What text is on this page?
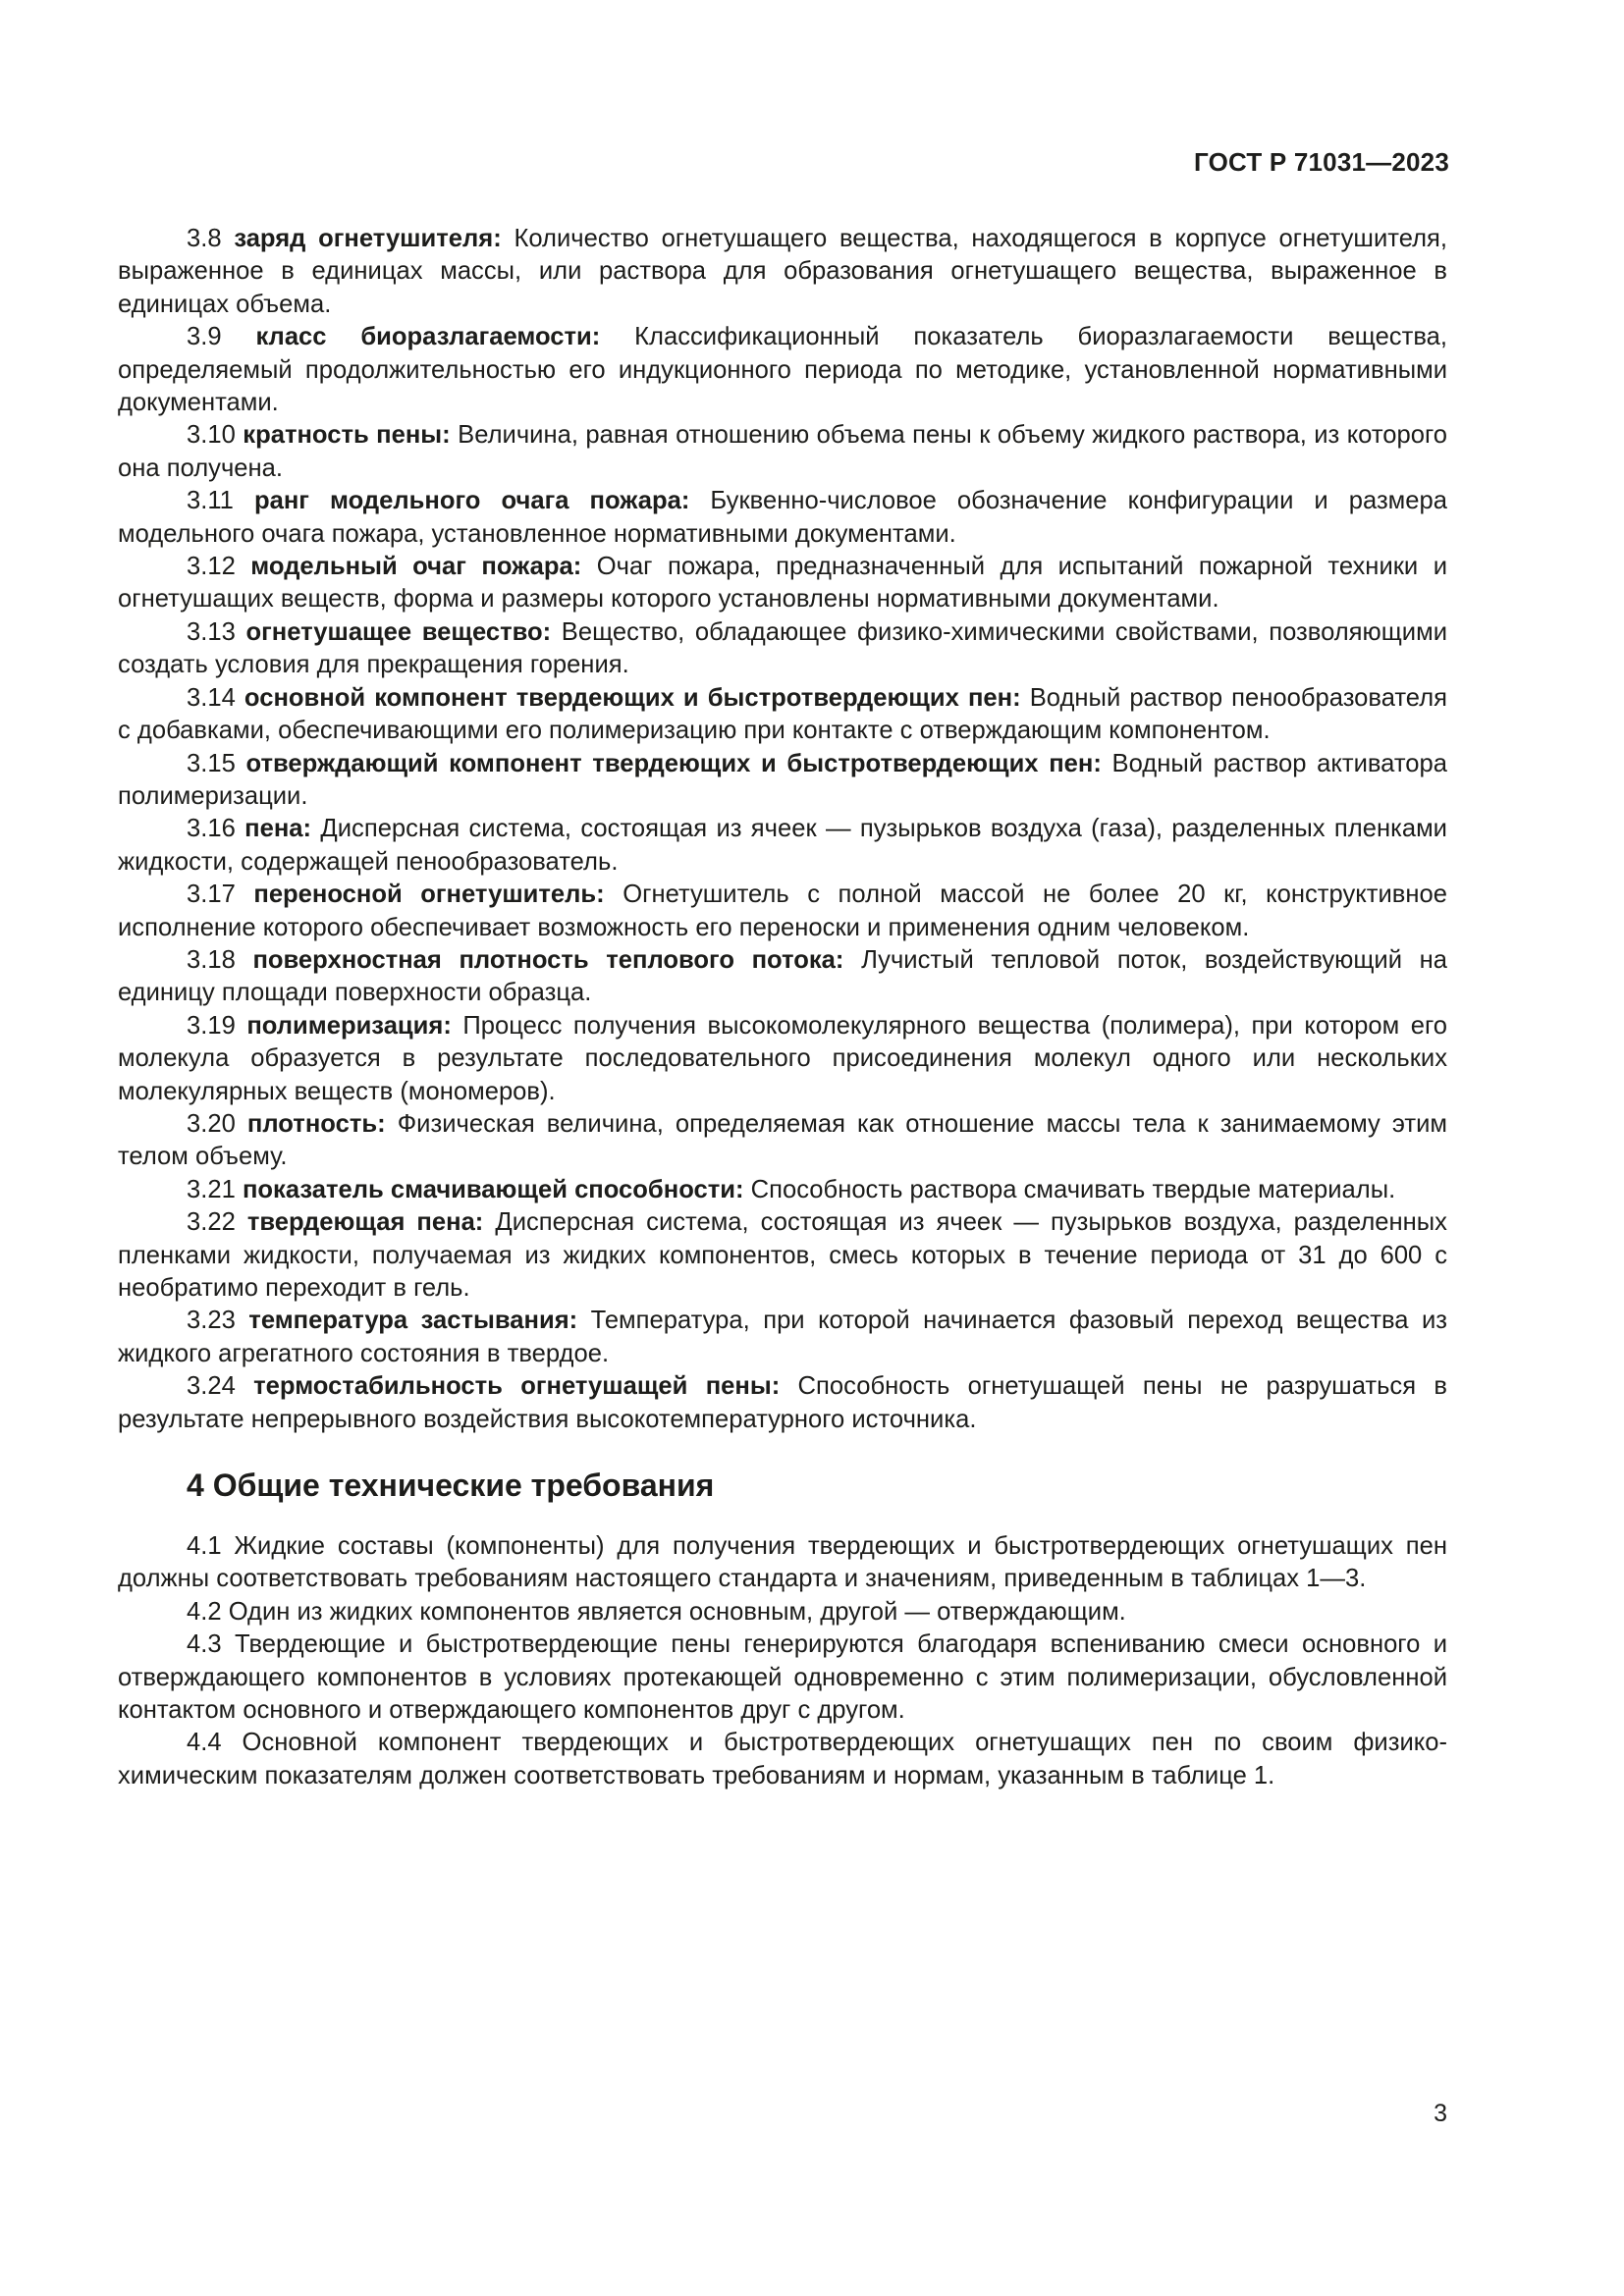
ГОСТ Р 71031—2023

3.8 заряд огнетушителя: Количество огнетушащего вещества, находящегося в корпусе огнетушителя, выраженное в единицах массы, или раствора для образования огнетушащего вещества, выраженное в единицах объема.

3.9 класс биоразлагаемости: Классификационный показатель биоразлагаемости вещества, определяемый продолжительностью его индукционного периода по методике, установленной нормативными документами.

3.10 кратность пены: Величина, равная отношению объема пены к объему жидкого раствора, из которого она получена.

3.11 ранг модельного очага пожара: Буквенно-числовое обозначение конфигурации и размера модельного очага пожара, установленное нормативными документами.

3.12 модельный очаг пожара: Очаг пожара, предназначенный для испытаний пожарной техники и огнетушащих веществ, форма и размеры которого установлены нормативными документами.

3.13 огнетушащее вещество: Вещество, обладающее физико-химическими свойствами, позволяющими создать условия для прекращения горения.

3.14 основной компонент твердеющих и быстротвердеющих пен: Водный раствор пенообразователя с добавками, обеспечивающими его полимеризацию при контакте с отверждающим компонентом.

3.15 отверждающий компонент твердеющих и быстротвердеющих пен: Водный раствор активатора полимеризации.

3.16 пена: Дисперсная система, состоящая из ячеек — пузырьков воздуха (газа), разделенных пленками жидкости, содержащей пенообразователь.

3.17 переносной огнетушитель: Огнетушитель с полной массой не более 20 кг, конструктивное исполнение которого обеспечивает возможность его переноски и применения одним человеком.

3.18 поверхностная плотность теплового потока: Лучистый тепловой поток, воздействующий на единицу площади поверхности образца.

3.19 полимеризация: Процесс получения высокомолекулярного вещества (полимера), при котором его молекула образуется в результате последовательного присоединения молекул одного или нескольких молекулярных веществ (мономеров).

3.20 плотность: Физическая величина, определяемая как отношение массы тела к занимаемому этим телом объему.

3.21 показатель смачивающей способности: Способность раствора смачивать твердые материалы.

3.22 твердеющая пена: Дисперсная система, состоящая из ячеек — пузырьков воздуха, разделенных пленками жидкости, получаемая из жидких компонентов, смесь которых в течение периода от 31 до 600 с необратимо переходит в гель.

3.23 температура застывания: Температура, при которой начинается фазовый переход вещества из жидкого агрегатного состояния в твердое.

3.24 термостабильность огнетушащей пены: Способность огнетушащей пены не разрушаться в результате непрерывного воздействия высокотемпературного источника.

4 Общие технические требования

4.1 Жидкие составы (компоненты) для получения твердеющих и быстротвердеющих огнетушащих пен должны соответствовать требованиям настоящего стандарта и значениям, приведенным в таблицах 1—3.

4.2 Один из жидких компонентов является основным, другой — отверждающим.

4.3 Твердеющие и быстротвердеющие пены генерируются благодаря вспениванию смеси основного и отверждающего компонентов в условиях протекающей одновременно с этим полимеризации, обусловленной контактом основного и отверждающего компонентов друг с другом.

4.4 Основной компонент твердеющих и быстротвердеющих огнетушащих пен по своим физико-химическим показателям должен соответствовать требованиям и нормам, указанным в таблице 1.

3
